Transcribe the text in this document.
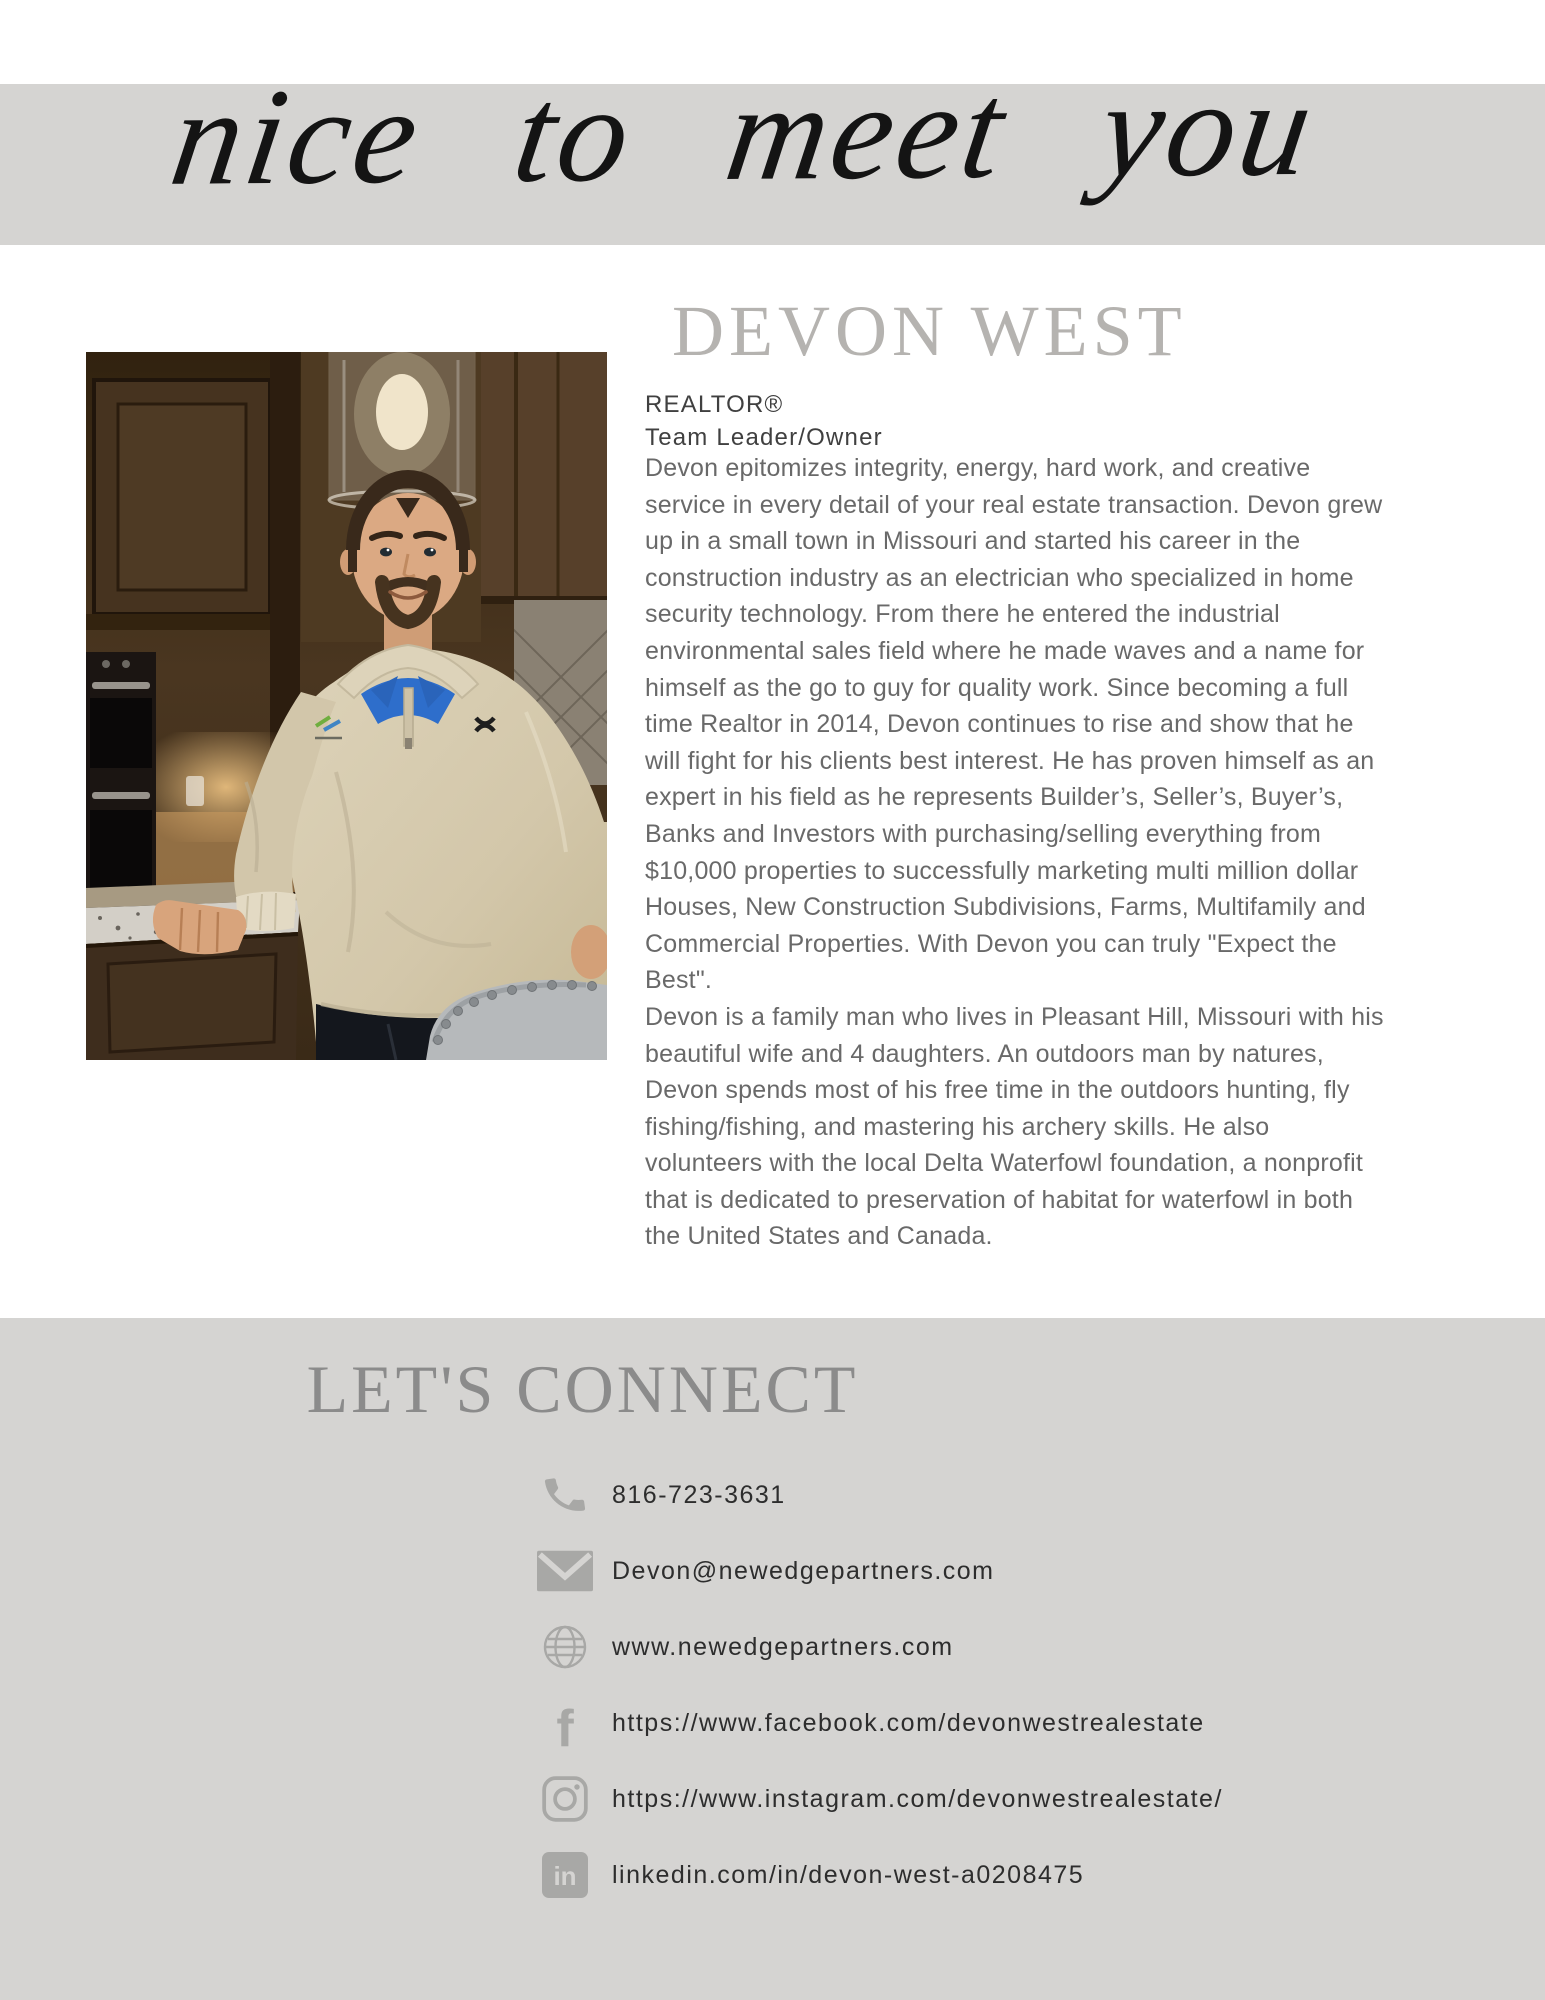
nice to meet you
DEVON WEST
REALTOR®
Team Leader/Owner

Devon epitomizes integrity, energy, hard work, and creative service in every detail of your real estate transaction. Devon grew up in a small town in Missouri and started his career in the construction industry as an electrician who specialized in home security technology. From there he entered the industrial environmental sales field where he made waves and a name for himself as the go to guy for quality work. Since becoming a full time Realtor in 2014, Devon continues to rise and show that he will fight for his clients best interest. He has proven himself as an expert in his field as he represents Builder’s, Seller’s, Buyer’s, Banks and Investors with purchasing/selling everything from $10,000 properties to successfully marketing multi million dollar Houses, New Construction Subdivisions, Farms, Multifamily and Commercial Properties. With Devon you can truly "Expect the Best".

Devon is a family man who lives in Pleasant Hill, Missouri with his beautiful wife and 4 daughters. An outdoors man by natures, Devon spends most of his free time in the outdoors hunting, fly fishing/fishing, and mastering his archery skills. He also volunteers with the local Delta Waterfowl foundation, a nonprofit that is dedicated to preservation of habitat for waterfowl in both the United States and Canada.

LET'S CONNECT
816-723-3631
Devon@newedgepartners.com
www.newedgepartners.com
f https://www.facebook.com/devonwestrealestate
https://www.instagram.com/devonwestrealestate/
in linkedin.com/in/devon-west-a0208475
